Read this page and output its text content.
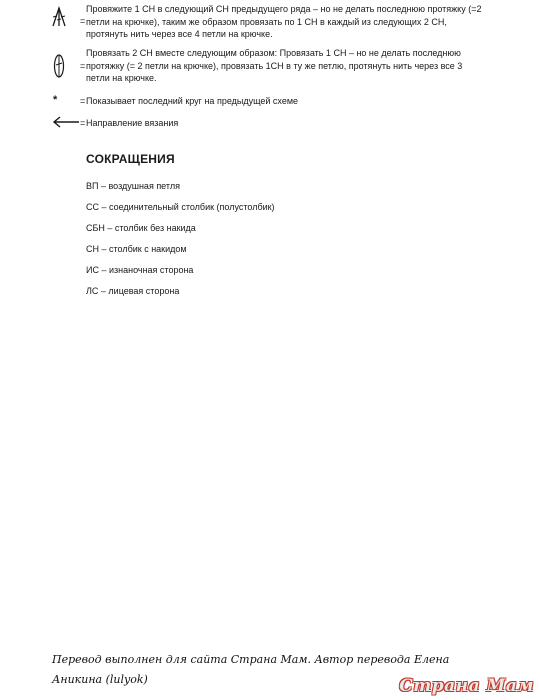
=
Провяжите 1 СН в следующий СН предыдущего ряда – но не делать последнюю протяжку (=2 петли на крючке), таким же образом провязать по 1 СН в каждый из следующих 2 СН, протянуть нить через все 4 петли на крючке.
=
Провязать 2 СН вместе следующим образом: Провязать 1 СН – но не делать последнюю протяжку (= 2 петли на крючке), провязать 1СН в ту же петлю, протянуть нить через все 3 петли на крючке.
*	= Показывает последний круг на предыдущей схеме
= Направление вязания
СОКРАЩЕНИЯ
ВП – воздушная петля
СС – соединительный столбик (полустолбик)
СБН – столбик без накида
СН – столбик с накидом
ИС – изнаночная сторона
ЛС – лицевая сторона
Перевод выполнен для сайта Страна Мам. Автор перевода Елена Аникина (lulyok)	Страна Мам
